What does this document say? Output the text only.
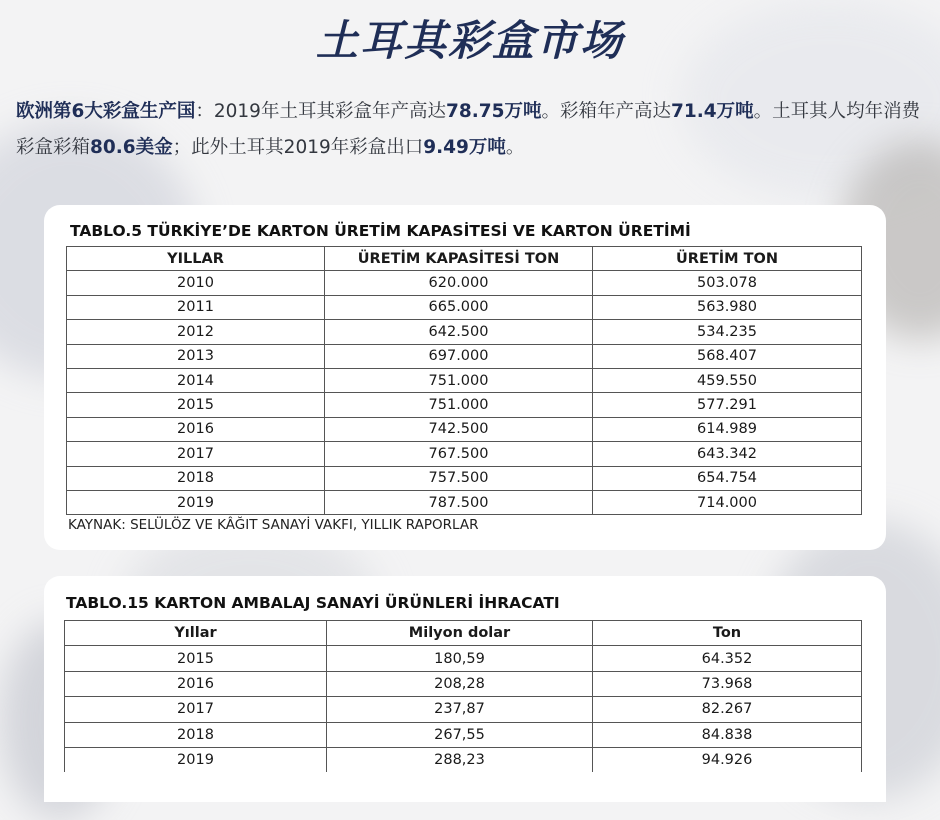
土耳其彩盒市场

欧洲第6大彩盒生产国：2019年土耳其彩盒年产高达78.75万吨。彩箱年产高达71.4万吨。土耳其人均年消费彩盒彩箱80.6美金；此外土耳其2019年彩盒出口9.49万吨。

TABLO.5 TÜRKİYE’DE KARTON ÜRETİM KAPASİTESİ VE KARTON ÜRETİMİ

YILLAR	ÜRETİM KAPASİTESİ TON	ÜRETİM TON
2010	620.000	503.078
2011	665.000	563.980
2012	642.500	534.235
2013	697.000	568.407
2014	751.000	459.550
2015	751.000	577.291
2016	742.500	614.989
2017	767.500	643.342
2018	757.500	654.754
2019	787.500	714.000

KAYNAK: SELÜLÖZ VE KÂĞIT SANAYİ VAKFI, YILLIK RAPORLAR

TABLO.15 KARTON AMBALAJ SANAYİ ÜRÜNLERİ İHRACATI

Yıllar	Milyon dolar	Ton
2015	180,59	64.352
2016	208,28	73.968
2017	237,87	82.267
2018	267,55	84.838
2019	288,23	94.926
